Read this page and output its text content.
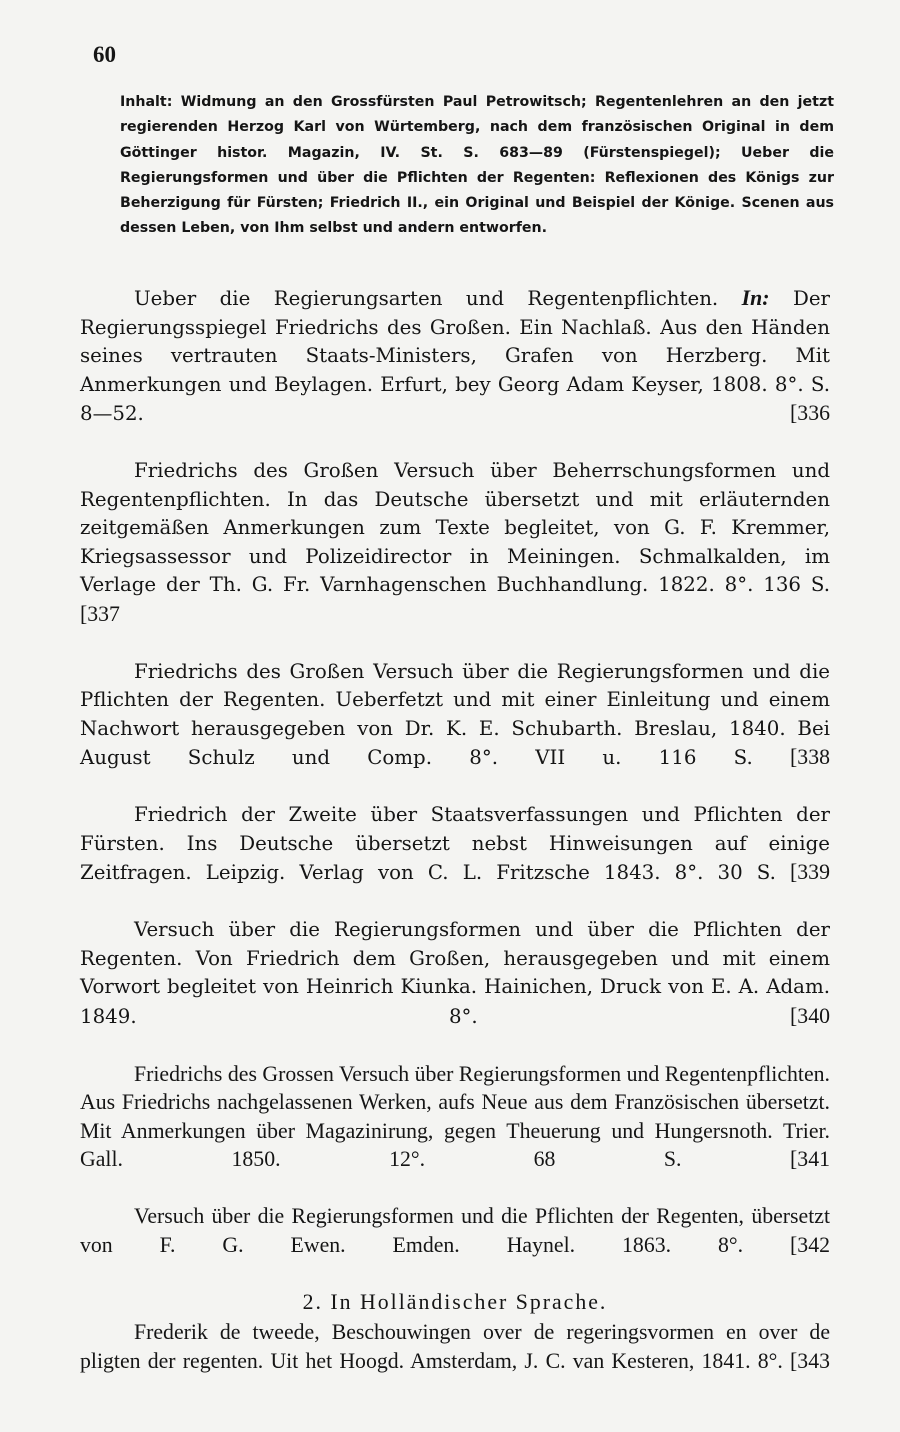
60
Inhalt: Widmung an den Grossfürsten Paul Petrowitsch; Regentenlehren an den jetzt regierenden Herzog Karl von Würtemberg, nach dem französischen Original in dem Göttinger histor. Magazin, IV. St. S. 683—89 (Fürstenspiegel); Ueber die Regierungsformen und über die Pflichten der Regenten: Reflexionen des Königs zur Beherzigung für Fürsten; Friedrich II., ein Original und Beispiel der Könige. Scenen aus dessen Leben, von Ihm selbst und andern entworfen.

Ueber die Regierungsarten und Regentenpflichten. In: Der Regierungsspiegel Friedrichs des Großen. Ein Nachlaß. Aus den Händen seines vertrauten Staats-Ministers, Grafen von Herzberg. Mit Anmerkungen und Beylagen. Erfurt, bey Georg Adam Keyser, 1808. 8°. S. 8—52.	[336

Friedrichs des Großen Versuch über Beherrschungsformen und Regentenpflichten. In das Deutsche übersetzt und mit erläuternden zeitgemäßen Anmerkungen zum Texte begleitet, von G. F. Kremmer, Kriegsassessor und Polizeidirector in Meiningen. Schmalkalden, im Verlage der Th. G. Fr. Varnhagenschen Buchhandlung. 1822. 8°. 136 S. [337

Friedrichs des Großen Versuch über die Regierungsformen und die Pflichten der Regenten. Ueberfetzt und mit einer Einleitung und einem Nachwort herausgegeben von Dr. K. E. Schubarth. Breslau, 1840. Bei August Schulz und Comp. 8°. VII u. 116 S. [338

Friedrich der Zweite über Staatsverfassungen und Pflichten der Fürsten. Ins Deutsche übersetzt nebst Hinweisungen auf einige Zeitfragen. Leipzig. Verlag von C. L. Fritzsche 1843. 8°. 30 S. [339

Versuch über die Regierungsformen und über die Pflichten der Regenten. Von Friedrich dem Großen, herausgegeben und mit einem Vorwort begleitet von Heinrich Kiunka. Hainichen, Druck von E. A. Adam. 1849. 8°.	[340

Friedrichs des Grossen Versuch über Regierungsformen und Regentenpflichten. Aus Friedrichs nachgelassenen Werken, aufs Neue aus dem Französischen übersetzt. Mit Anmerkungen über Magazinirung, gegen Theuerung und Hungersnoth. Trier. Gall. 1850. 12°. 68 S.	[341

Versuch über die Regierungsformen und die Pflichten der Regenten, übersetzt von F. G. Ewen. Emden. Haynel. 1863. 8°. [342

2. In Holländischer Sprache.

Frederik de tweede, Beschouwingen over de regeringsvormen en over de pligten der regenten. Uit het Hoogd. Amsterdam, J. C. van Kesteren, 1841. 8°. [343
